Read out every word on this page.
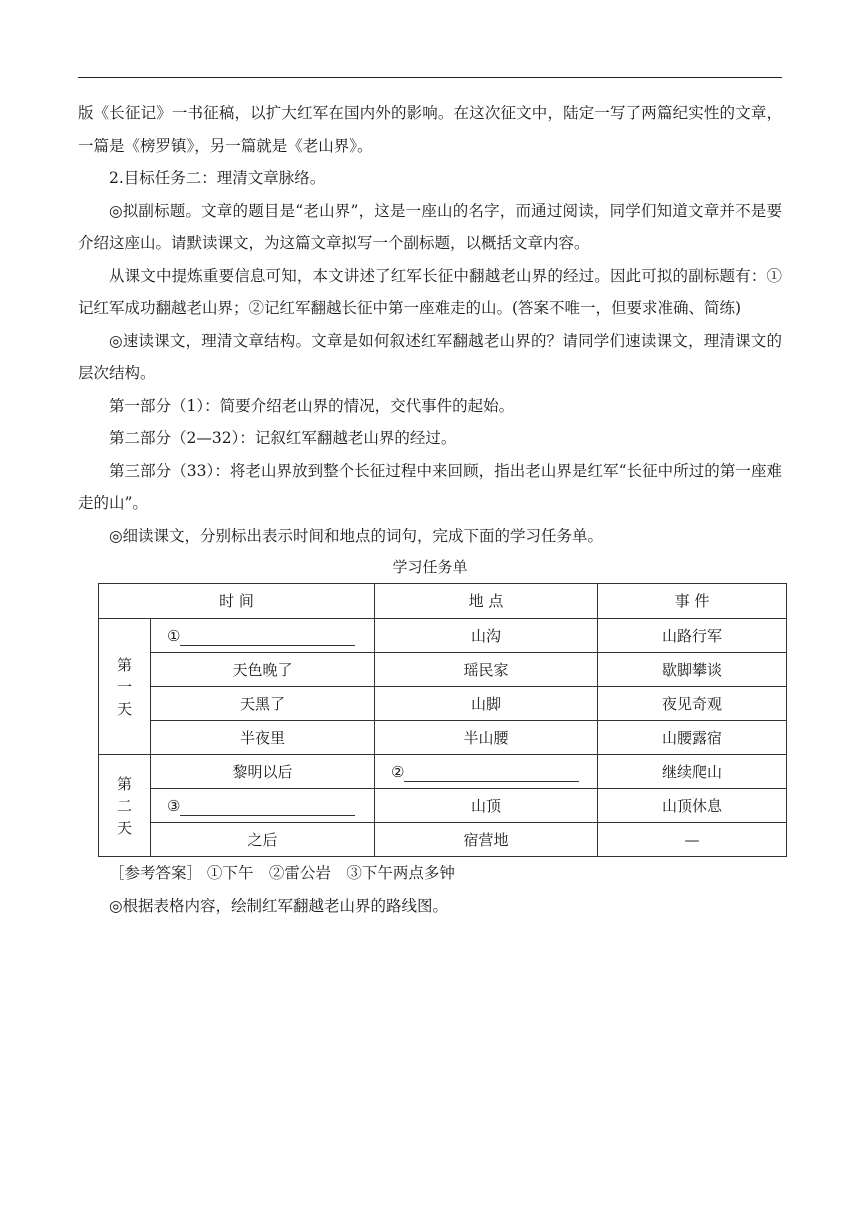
版《长征记》一书征稿，以扩大红军在国内外的影响。在这次征文中，陆定一写了两篇纪实性的文章，一篇是《榜罗镇》，另一篇就是《老山界》。

2.目标任务二：理清文章脉络。

◎拟副标题。文章的题目是“老山界”，这是一座山的名字，而通过阅读，同学们知道文章并不是要介绍这座山。请默读课文，为这篇文章拟写一个副标题，以概括文章内容。

从课文中提炼重要信息可知，本文讲述了红军长征中翻越老山界的经过。因此可拟的副标题有：①记红军成功翻越老山界；②记红军翻越长征中第一座难走的山。(答案不唯一，但要求准确、简练)

◎速读课文，理清文章结构。文章是如何叙述红军翻越老山界的？请同学们速读课文，理清课文的层次结构。

第一部分（1）：简要介绍老山界的情况，交代事件的起始。

第二部分（2—32）：记叙红军翻越老山界的经过。

第三部分（33）：将老山界放到整个长征过程中来回顾，指出老山界是红军“长征中所过的第一座难走的山”。

◎细读课文，分别标出表示时间和地点的词句，完成下面的学习任务单。

学习任务单
时 间		地 点	事 件
第
一
天	①	山沟	山路行军
	天色晚了	瑶民家	歇脚攀谈
	天黑了	山脚	夜见奇观
	半夜里	半山腰	山腰露宿
第
二
天	黎明以后	②	继续爬山
	③	山顶	山顶休息
	之后	宿营地	—

［参考答案］ ①下午　②雷公岩　③下午两点多钟

◎根据表格内容，绘制红军翻越老山界的路线图。
